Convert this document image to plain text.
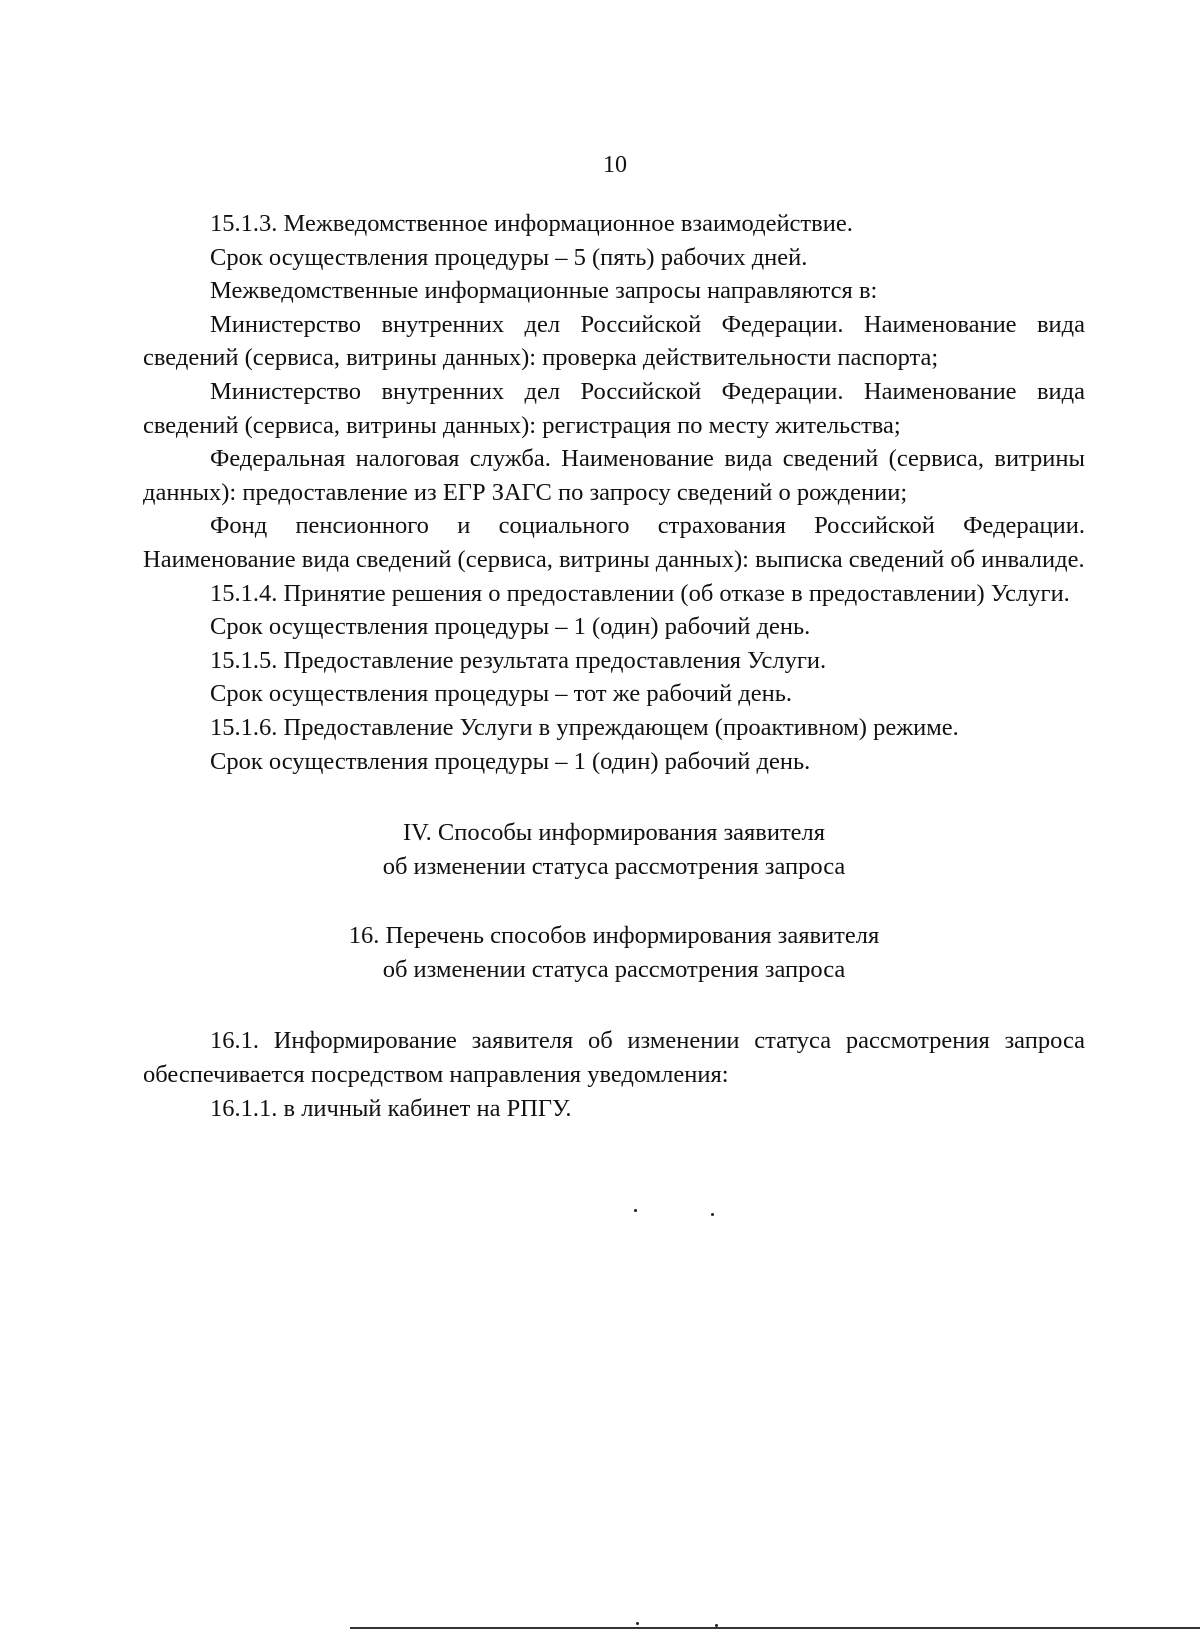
10

15.1.3. Межведомственное информационное взаимодействие.

Срок осуществления процедуры – 5 (пять) рабочих дней.

Межведомственные информационные запросы направляются в:

Министерство внутренних дел Российской Федерации. Наименование вида сведений (сервиса, витрины данных): проверка действительности паспорта;

Министерство внутренних дел Российской Федерации. Наименование вида сведений (сервиса, витрины данных): регистрация по месту жительства;

Федеральная налоговая служба. Наименование вида сведений (сервиса, витрины данных): предоставление из ЕГР ЗАГС по запросу сведений о рождении;

Фонд пенсионного и социального страхования Российской Федерации. Наименование вида сведений (сервиса, витрины данных): выписка сведений об инвалиде.

15.1.4. Принятие решения о предоставлении (об отказе в предоставлении) Услуги.

Срок осуществления процедуры – 1 (один) рабочий день.

15.1.5. Предоставление результата предоставления Услуги.

Срок осуществления процедуры – тот же рабочий день.

15.1.6. Предоставление Услуги в упреждающем (проактивном) режиме.

Срок осуществления процедуры – 1 (один) рабочий день.

IV. Способы информирования заявителя
об изменении статуса рассмотрения запроса
16. Перечень способов информирования заявителя
об изменении статуса рассмотрения запроса

16.1. Информирование заявителя об изменении статуса рассмотрения запроса обеспечивается посредством направления уведомления:

16.1.1. в личный кабинет на РПГУ.
